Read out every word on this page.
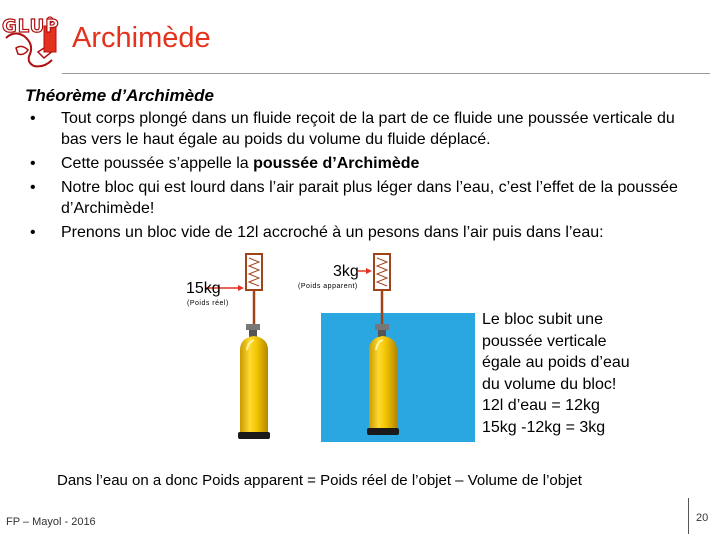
GLUP Archimède
Théorème d’Archimède
•	Tout corps plongé dans un fluide reçoit de la part de ce fluide une poussée verticale du bas vers le haut égale au poids du volume du fluide déplacé.
•	Cette poussée s’appelle la poussée d’Archimède
•	Notre bloc qui est lourd dans l’air parait plus léger dans l’eau, c’est l’effet de la poussée d’Archimède!
•	Prenons un bloc vide de 12l accroché à un pesons dans l’air puis dans l’eau:
15kg
(Poids réel)
3kg
(Poids apparent)
Le bloc subit une
poussée verticale
égale au poids d’eau
du volume du bloc!
12l d’eau = 12kg
15kg -12kg = 3kg
Dans l’eau on a donc Poids apparent = Poids réel de l’objet – Volume de l’objet
FP – Mayol - 2016	20
